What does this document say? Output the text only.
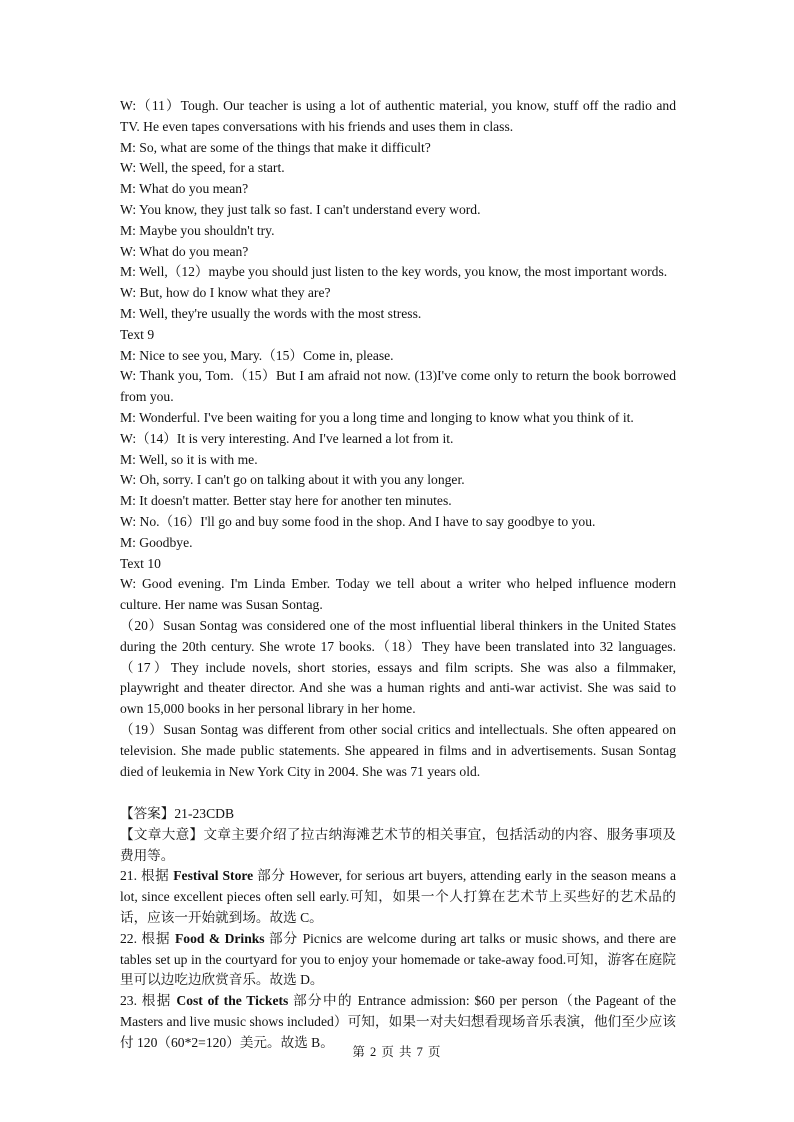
W:（11）Tough. Our teacher is using a lot of authentic material, you know, stuff off the radio and TV. He even tapes conversations with his friends and uses them in class.
M: So, what are some of the things that make it difficult?
W: Well, the speed, for a start.
M: What do you mean?
W: You know, they just talk so fast. I can't understand every word.
M: Maybe you shouldn't try.
W: What do you mean?
M: Well,（12）maybe you should just listen to the key words, you know, the most important words.
W: But, how do I know what they are?
M: Well, they're usually the words with the most stress.
Text 9
M: Nice to see you, Mary.（15）Come in, please.
W: Thank you, Tom.（15）But I am afraid not now. (13)I've come only to return the book borrowed from you.
M: Wonderful. I've been waiting for you a long time and longing to know what you think of it.
W:（14）It is very interesting. And I've learned a lot from it.
M: Well, so it is with me.
W: Oh, sorry. I can't go on talking about it with you any longer.
M: It doesn't matter. Better stay here for another ten minutes.
W: No.（16）I'll go and buy some food in the shop. And I have to say goodbye to you.
M: Goodbye.
Text 10
W: Good evening. I'm Linda Ember. Today we tell about a writer who helped influence modern culture. Her name was Susan Sontag.
（20）Susan Sontag was considered one of the most influential liberal thinkers in the United States during the 20th century. She wrote 17 books.（18）They have been translated into 32 languages.（17）They include novels, short stories, essays and film scripts. She was also a filmmaker, playwright and theater director. And she was a human rights and anti-war activist. She was said to own 15,000 books in her personal library in her home.
（19）Susan Sontag was different from other social critics and intellectuals. She often appeared on television. She made public statements. She appeared in films and in advertisements. Susan Sontag died of leukemia in New York City in 2004. She was 71 years old.
【答案】21-23CDB
【文章大意】文章主要介绍了拉古纳海滩艺术节的相关事宜，包括活动的内容、服务事项及费用等。
21. 根据 Festival Store 部分 However, for serious art buyers, attending early in the season means a lot, since excellent pieces often sell early.可知，如果一个人打算在艺术节上买些好的艺术品的话，应该一开始就到场。故选 C。
22. 根据 Food & Drinks 部分 Picnics are welcome during art talks or music shows, and there are tables set up in the courtyard for you to enjoy your homemade or take-away food.可知，游客在庭院里可以边吃边欣赏音乐。故选 D。
23. 根据 Cost of the Tickets 部分中的 Entrance admission: $60 per person（the Pageant of the Masters and live music shows included）可知，如果一对夫妇想看现场音乐表演，他们至少应该付 120（60*2=120）美元。故选 B。
第 2 页 共 7 页
